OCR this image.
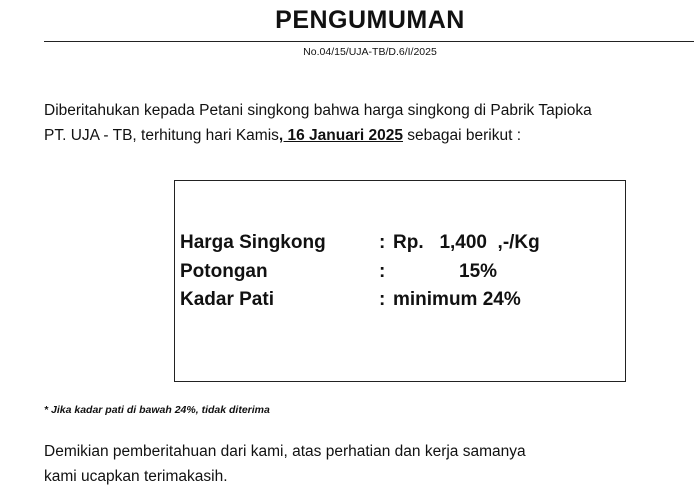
PENGUMUMAN
No.04/15/UJA-TB/D.6/I/2025
Diberitahukan kepada Petani singkong bahwa harga singkong di Pabrik Tapioka
PT. UJA - TB, terhitung hari Kamis, 16 Januari 2025 sebagai berikut :
Harga Singkong	: Rp.   1,400  ,-/Kg
Potongan	:	15%
Kadar Pati	: minimum 24%
* Jika kadar pati di bawah 24%, tidak diterima
Demikian pemberitahuan dari kami, atas perhatian dan kerja samanya
kami ucapkan terimakasih.
